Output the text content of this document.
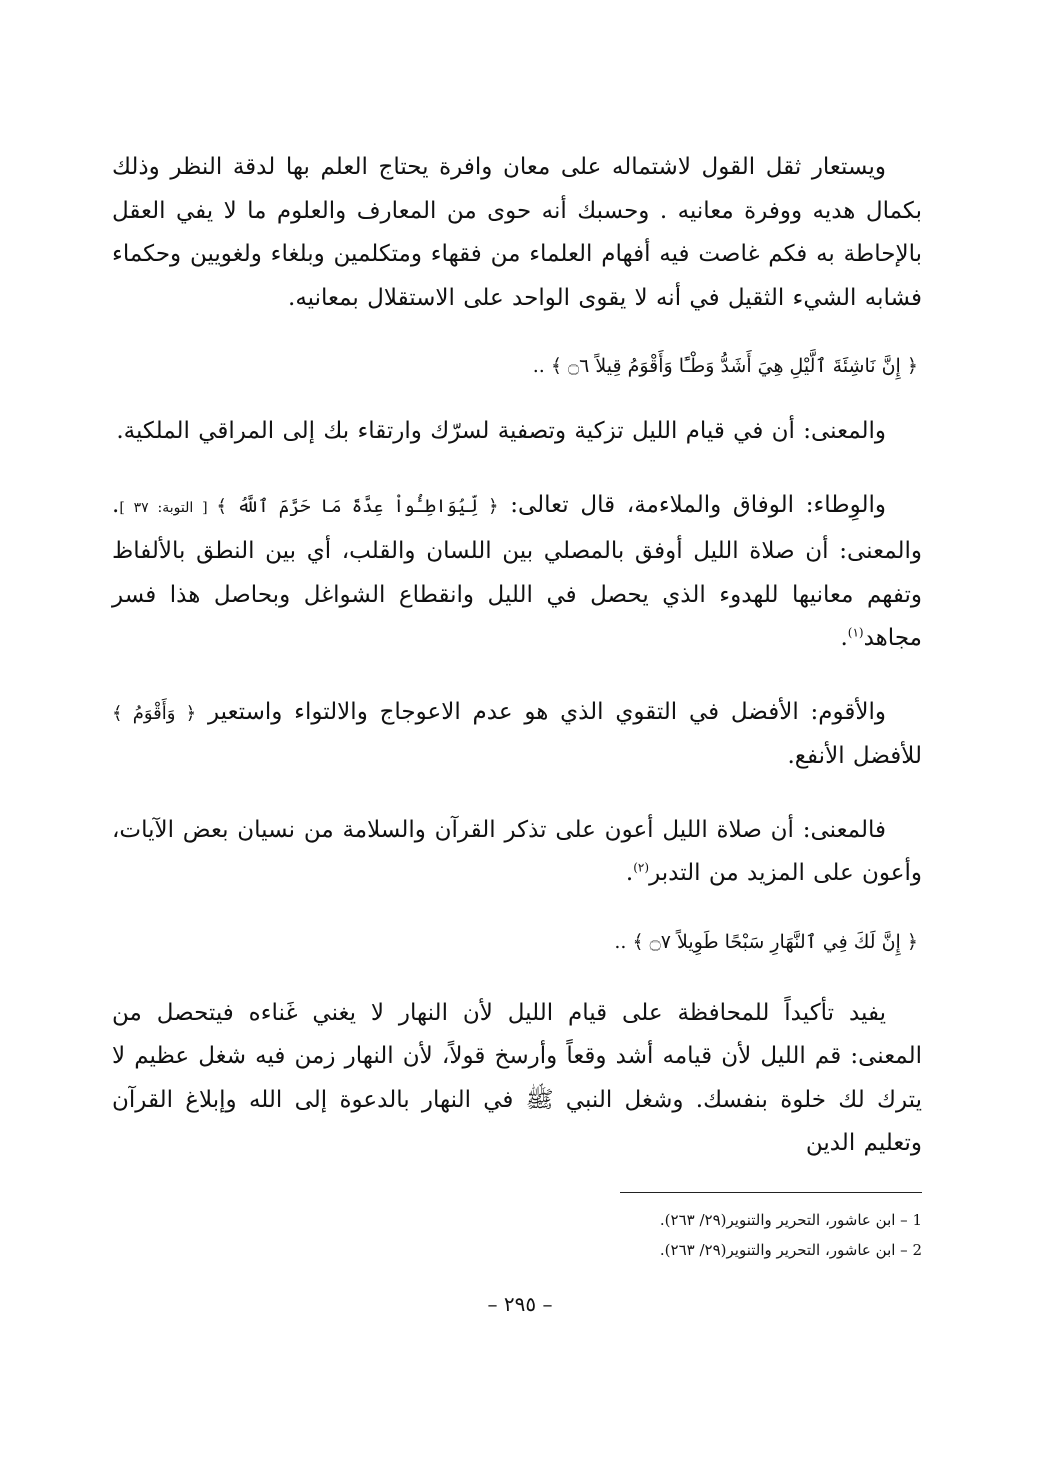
ويستعار ثقل القول لاشتماله على معان وافرة يحتاج العلم بها لدقة النظر وذلك بكمال هديه ووفرة معانيه . وحسبك أنه حوى من المعارف والعلوم ما لا يفي العقل بالإحاطة به فكم غاصت فيه أفهام العلماء من فقهاء ومتكلمين وبلغاء ولغويين وحكماء فشابه الشيء الثقيل في أنه لا يقوى الواحد على الاستقلال بمعانيه.

﴿ إِنَّ نَاشِئَةَ ٱلَّيْلِ هِيَ أَشَدُّ وَطْـًٔا وَأَقْوَمُ قِيلاً ۝٦ ﴾ ..

والمعنى: أن في قيام الليل تزكية وتصفية لسرّك وارتقاء بك إلى المراقي الملكية.

والوِطاء: الوفاق والملاءمة، قال تعالى: ﴿ لِّيُوَاطِـُٔواْ عِدَّةَ مَا حَرَّمَ ٱللَّهُ ﴾ [ التوبة: ٣٧ ]. والمعنى: أن صلاة الليل أوفق بالمصلي بين اللسان والقلب، أي بين النطق بالألفاظ وتفهم معانيها للهدوء الذي يحصل في الليل وانقطاع الشواغل وبحاصل هذا فسر مجاهد$^{(١)}$.

والأقوم: الأفضل في التقوي الذي هو عدم الاعوجاج والالتواء واستعير ﴿ وَأَقْوَمُ ﴾ للأفضل الأنفع.

فالمعنى: أن صلاة الليل أعون على تذكر القرآن والسلامة من نسيان بعض الآيات، وأعون على المزيد من التدبر$^{(٢)}$.

﴿ إِنَّ لَكَ فِي ٱلنَّهَارِ سَبْحًا طَوِيلاً ۝٧ ﴾ ..

يفيد تأكيداً للمحافظة على قيام الليل لأن النهار لا يغني غَناءه فيتحصل من المعنى: قم الليل لأن قيامه أشد وقعاً وأرسخ قولاً، لأن النهار زمن فيه شغل عظيم لا يترك لك خلوة بنفسك. وشغل النبي ﷺ في النهار بالدعوة إلى الله وإبلاغ القرآن وتعليم الدين

1 – ابن عاشور، التحرير والتنوير(٢٩/ ٢٦٣).

2 – ابن عاشور، التحرير والتنوير(٢٩/ ٢٦٣).

– ٢٩٥ –
